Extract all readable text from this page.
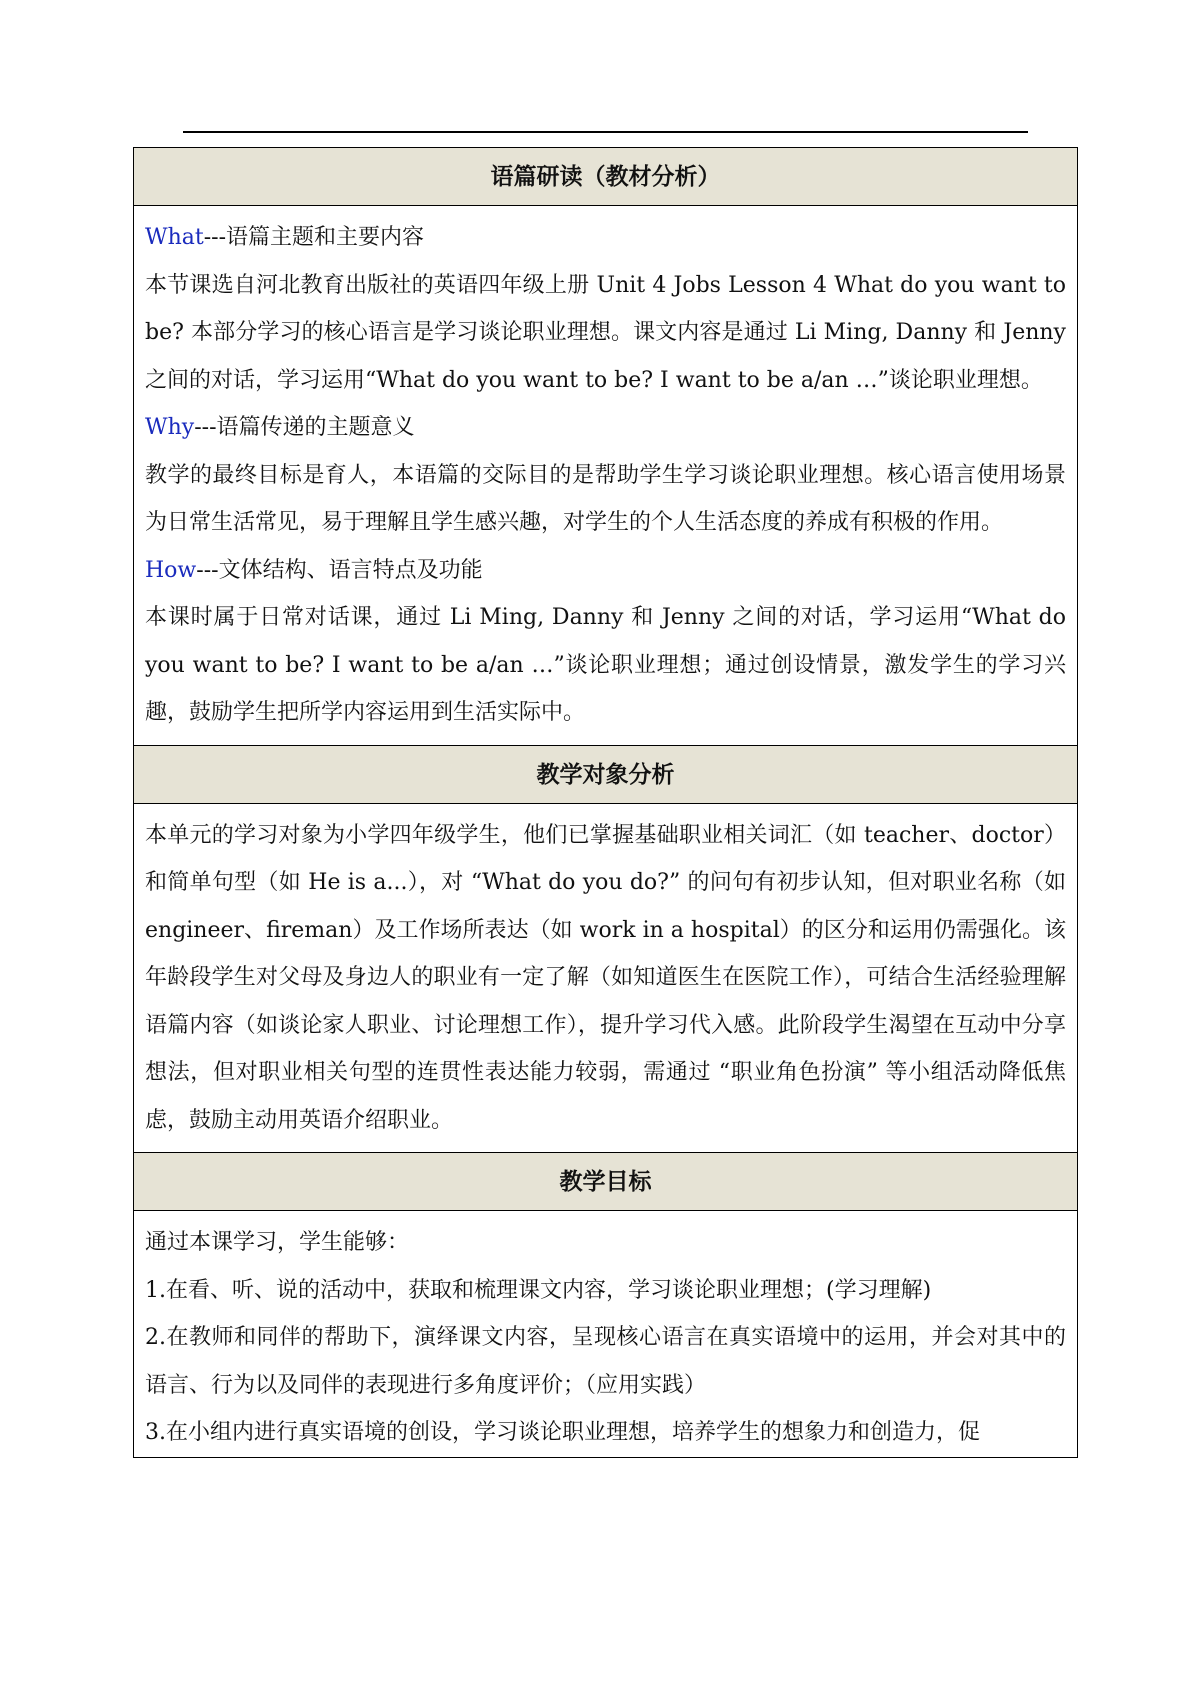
语篇研读（教材分析）

What---语篇主题和主要内容

本节课选自河北教育出版社的英语四年级上册 Unit 4 Jobs Lesson 4 What do you want to be? 本部分学习的核心语言是学习谈论职业理想。课文内容是通过 Li Ming, Danny 和 Jenny 之间的对话，学习运用“What do you want to be? I want to be a/an …”谈论职业理想。

Why---语篇传递的主题意义

教学的最终目标是育人，本语篇的交际目的是帮助学生学习谈论职业理想。核心语言使用场景为日常生活常见，易于理解且学生感兴趣，对学生的个人生活态度的养成有积极的作用。

How---文体结构、语言特点及功能

本课时属于日常对话课，通过 Li Ming, Danny 和 Jenny 之间的对话，学习运用“What do you want to be? I want to be a/an …”谈论职业理想；通过创设情景，激发学生的学习兴趣，鼓励学生把所学内容运用到生活实际中。

教学对象分析

本单元的学习对象为小学四年级学生，他们已掌握基础职业相关词汇（如 teacher、doctor）和简单句型（如 He is a...），对 “What do you do?” 的问句有初步认知，但对职业名称（如 engineer、fireman）及工作场所表达（如 work in a hospital）的区分和运用仍需强化。该年龄段学生对父母及身边人的职业有一定了解（如知道医生在医院工作），可结合生活经验理解语篇内容（如谈论家人职业、讨论理想工作），提升学习代入感。此阶段学生渴望在互动中分享想法，但对职业相关句型的连贯性表达能力较弱，需通过 “职业角色扮演” 等小组活动降低焦虑，鼓励主动用英语介绍职业。

教学目标

通过本课学习，学生能够：

1.在看、听、说的活动中，获取和梳理课文内容，学习谈论职业理想；(学习理解)

2.在教师和同伴的帮助下，演绎课文内容，呈现核心语言在真实语境中的运用，并会对其中的语言、行为以及同伴的表现进行多角度评价；（应用实践）

3.在小组内进行真实语境的创设，学习谈论职业理想，培养学生的想象力和创造力，促
